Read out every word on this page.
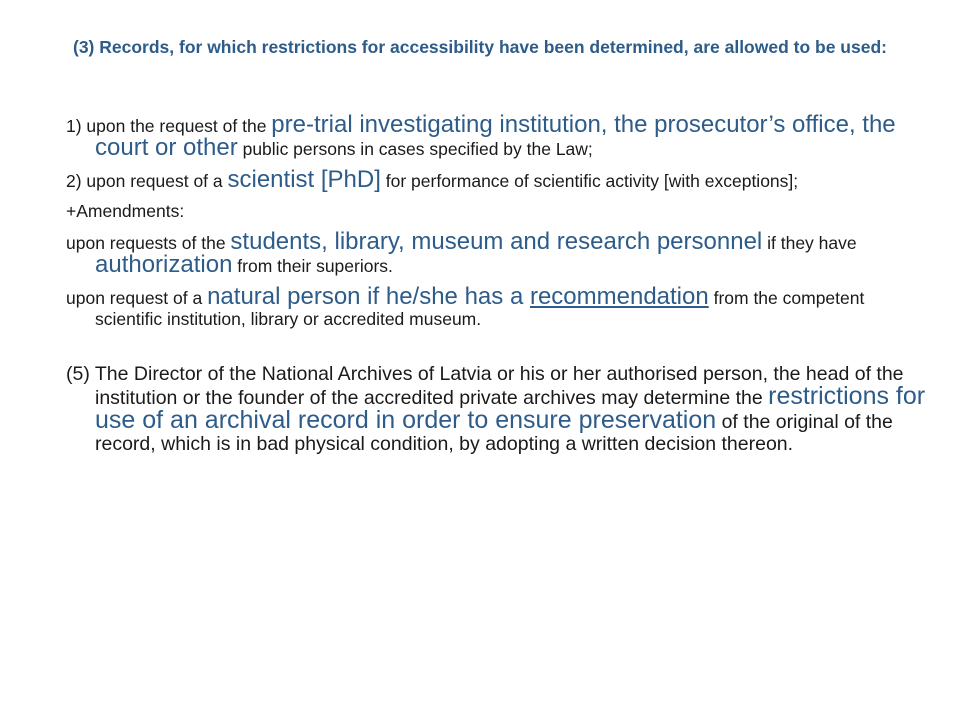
(3) Records, for which restrictions for accessibility have been determined, are allowed to be used:

1) upon the request of the pre-trial investigating institution, the prosecutor’s office, the court or other public persons in cases specified by the Law;

2) upon request of a scientist [PhD] for performance of scientific activity [with exceptions];

+Amendments:

upon requests of the students, library, museum and research personnel if they have authorization from their superiors.

upon request of a natural person if he/she has a recommendation from the competent scientific institution, library or accredited museum.

(5) The Director of the National Archives of Latvia or his or her authorised person, the head of the institution or the founder of the accredited private archives may determine the restrictions for use of an archival record in order to ensure preservation of the original of the record, which is in bad physical condition, by adopting a written decision thereon.
